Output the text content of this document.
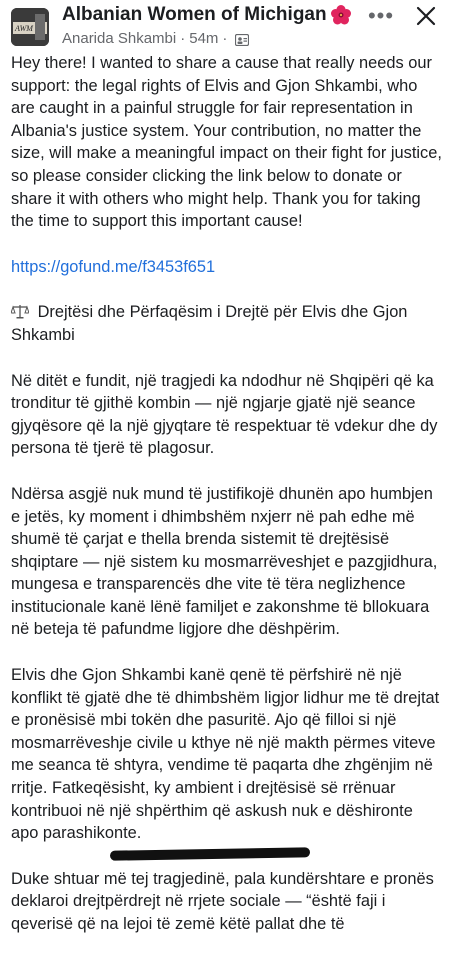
AWM
Albanian Women of Michigan
Anarida Shkambi · 54m ·
•••

Hey there! I wanted to share a cause that really needs our support: the legal rights of Elvis and Gjon Shkambi, who are caught in a painful struggle for fair representation in Albania's justice system. Your contribution, no matter the size, will make a meaningful impact on their fight for justice, so please consider clicking the link below to donate or share it with others who might help. Thank you for taking the time to support this important cause!

https://gofund.me/f3453f651

Drejtësi dhe Përfaqësim i Drejtë për Elvis dhe Gjon Shkambi

Në ditët e fundit, një tragjedi ka ndodhur në Shqipëri që ka tronditur të gjithë kombin — një ngjarje gjatë një seance gjyqësore që la një gjyqtare të respektuar të vdekur dhe dy persona të tjerë të plagosur.

Ndërsa asgjë nuk mund të justifikojë dhunën apo humbjen e jetës, ky moment i dhimbshëm nxjerr në pah edhe më shumë të çarjat e thella brenda sistemit të drejtësisë shqiptare — një sistem ku mosmarrëveshjet e pazgjidhura, mungesa e transparencës dhe vite të tëra neglizhence institucionale kanë lënë familjet e zakonshme të bllokuara në beteja të pafundme ligjore dhe dëshpërim.

Elvis dhe Gjon Shkambi kanë qenë të përfshirë në një konflikt të gjatë dhe të dhimbshëm ligjor lidhur me të drejtat e pronësisë mbi tokën dhe pasuritë. Ajo që filloi si një mosmarrëveshje civile u kthye në një makth përmes viteve me seanca të shtyra, vendime të paqarta dhe zhgënjim në rritje. Fatkeqësisht, ky ambient i drejtësisë së rrënuar kontribuoi në një shpërthim që askush nuk e dëshironte apo parashikonte.

Duke shtuar më tej tragjedinë, pala kundërshtare e pronës deklaroi drejtpërdrejt në rrjete sociale — “është faji i qeverisë që na lejoi të zemë këtë pallat dhe të
